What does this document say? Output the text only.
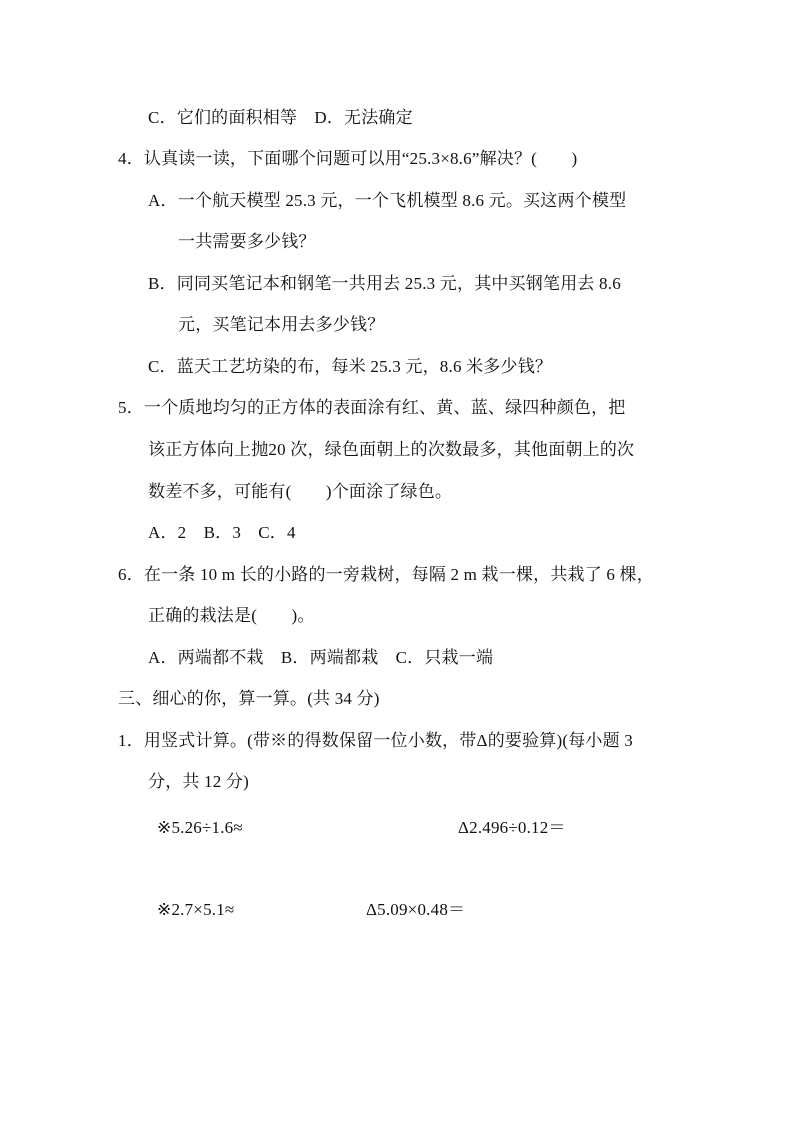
C．它们的面积相等　D．无法确定
4．认真读一读，下面哪个问题可以用“25.3×8.6”解决？(　　)
A．一个航天模型 25.3 元，一个飞机模型 8.6 元。买这两个模型
一共需要多少钱？
B．同同买笔记本和钢笔一共用去 25.3 元，其中买钢笔用去 8.6
元，买笔记本用去多少钱？
C．蓝天工艺坊染的布，每米 25.3 元，8.6 米多少钱？
5．一个质地均匀的正方体的表面涂有红、黄、蓝、绿四种颜色，把
该正方体向上抛20 次，绿色面朝上的次数最多，其他面朝上的次
数差不多，可能有(　　)个面涂了绿色。
A．2　B．3　C．4
6．在一条 10 m 长的小路的一旁栽树，每隔 2 m 栽一棵，共栽了 6 棵，
正确的栽法是(　　)。
A．两端都不栽　B．两端都栽　C．只栽一端
三、细心的你，算一算。(共 34 分)
1．用竖式计算。(带※的得数保留一位小数，带Δ的要验算)(每小题 3
分，共 12 分)
※5.26÷1.6≈	Δ2.496÷0.12＝
※2.7×5.1≈	Δ5.09×0.48＝
